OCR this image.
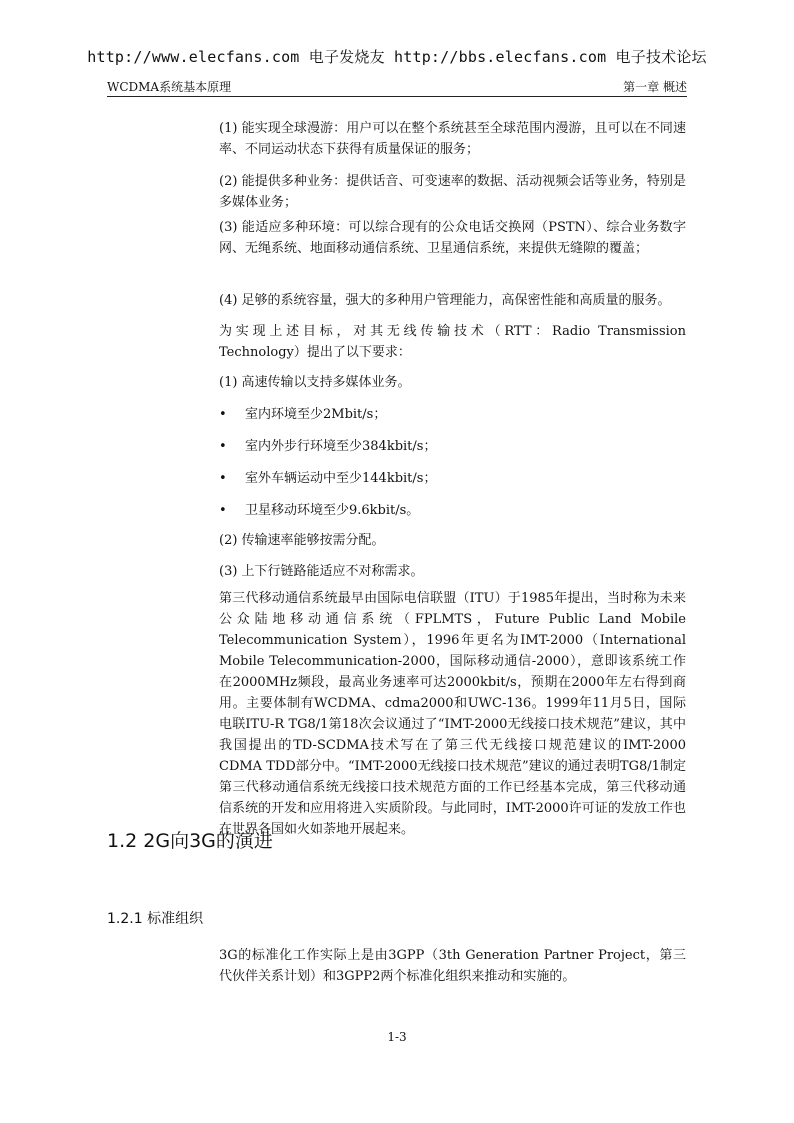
http://www.elecfans.com 电子发烧友 http://bbs.elecfans.com 电子技术论坛
WCDMA系统基本原理	第一章 概述

(1) 能实现全球漫游：用户可以在整个系统甚至全球范围内漫游，且可以在不同速率、不同运动状态下获得有质量保证的服务；

(2) 能提供多种业务：提供话音、可变速率的数据、活动视频会话等业务，特别是多媒体业务；

(3) 能适应多种环境：可以综合现有的公众电话交换网（PSTN）、综合业务数字网、无绳系统、地面移动通信系统、卫星通信系统，来提供无缝隙的覆盖；

(4) 足够的系统容量，强大的多种用户管理能力，高保密性能和高质量的服务。

为实现上述目标，对其无线传输技术（RTT：Radio Transmission Technology）提出了以下要求：

(1) 高速传输以支持多媒体业务。

• 室内环境至少2Mbit/s；
• 室内外步行环境至少384kbit/s；
• 室外车辆运动中至少144kbit/s；
• 卫星移动环境至少9.6kbit/s。

(2) 传输速率能够按需分配。

(3) 上下行链路能适应不对称需求。

第三代移动通信系统最早由国际电信联盟（ITU）于1985年提出，当时称为未来公众陆地移动通信系统（FPLMTS，Future Public Land Mobile Telecommunication System），1996年更名为IMT-2000（International Mobile Telecommunication-2000，国际移动通信-2000），意即该系统工作在2000MHz频段，最高业务速率可达2000kbit/s，预期在2000年左右得到商用。主要体制有WCDMA、cdma2000和UWC-136。1999年11月5日，国际电联ITU-R TG8/1第18次会议通过了“IMT-2000无线接口技术规范”建议，其中我国提出的TD-SCDMA技术写在了第三代无线接口规范建议的IMT-2000 CDMA TDD部分中。“IMT-2000无线接口技术规范”建议的通过表明TG8/1制定第三代移动通信系统无线接口技术规范方面的工作已经基本完成，第三代移动通信系统的开发和应用将进入实质阶段。与此同时，IMT-2000许可证的发放工作也在世界各国如火如荼地开展起来。

1.2 2G向3G的演进
1.2.1 标准组织

3G的标准化工作实际上是由3GPP（3th Generation Partner Project，第三代伙伴关系计划）和3GPP2两个标准化组织来推动和实施的。

1-3
